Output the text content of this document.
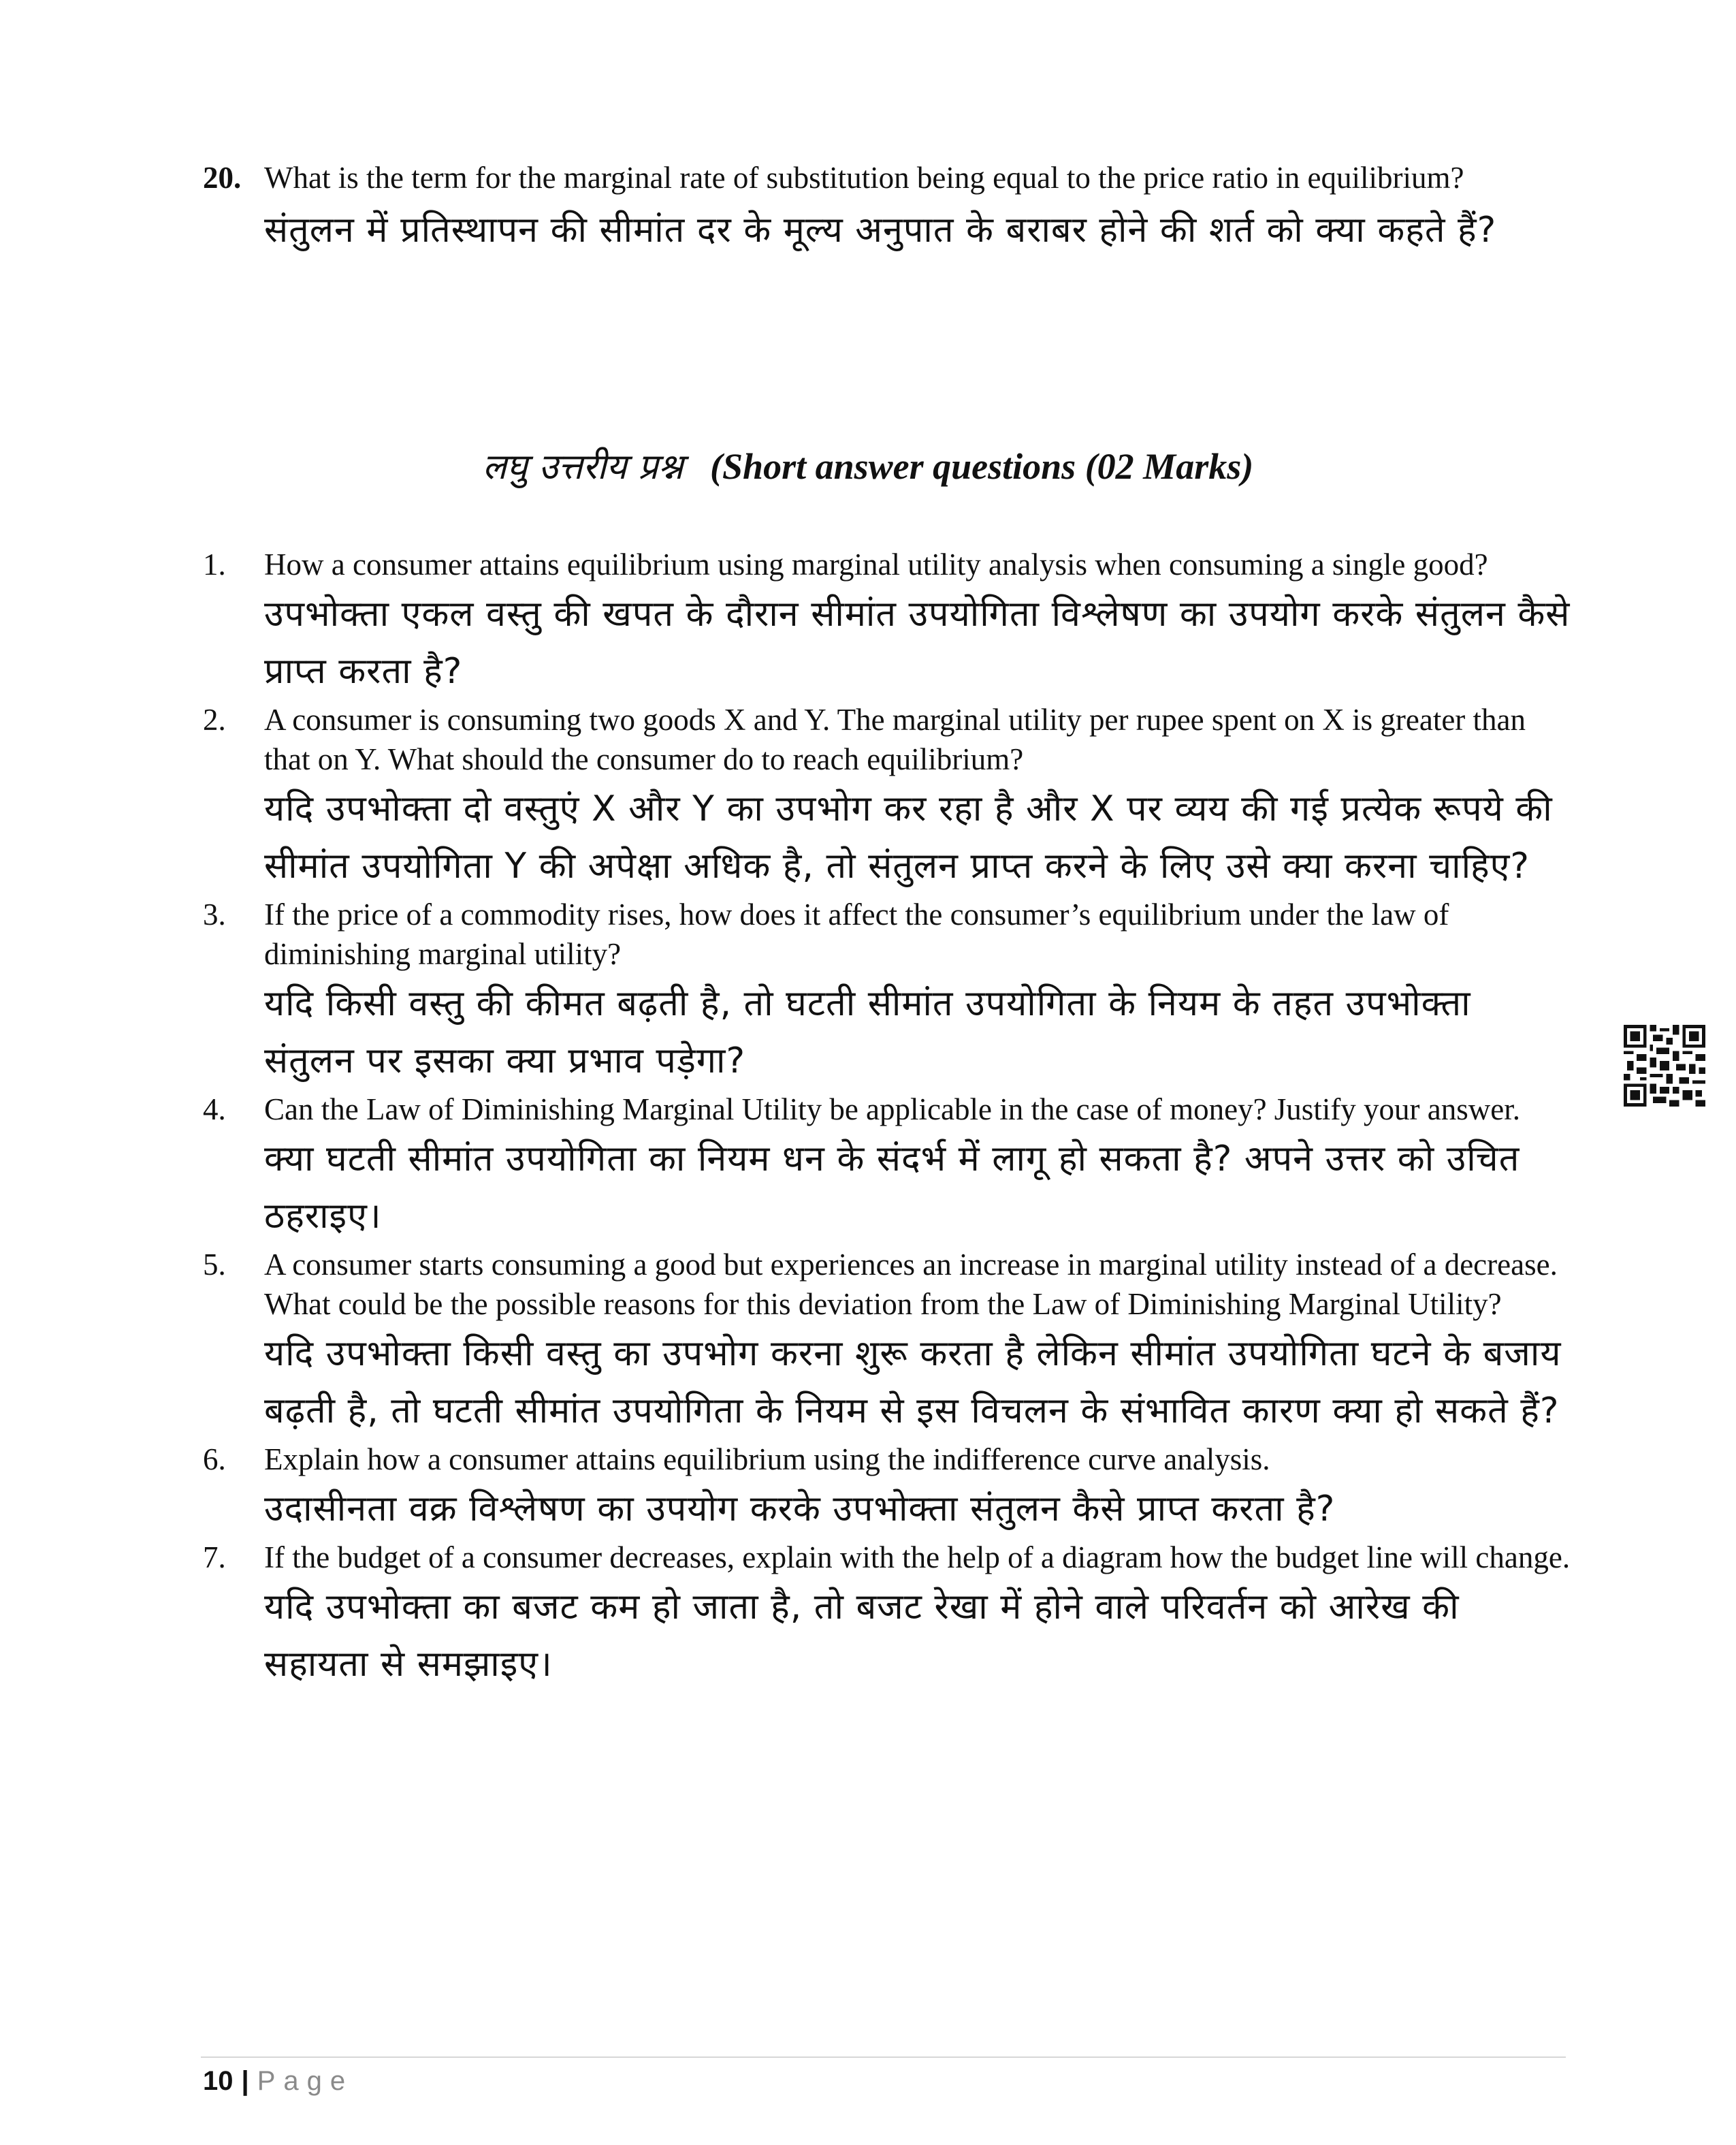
20. What is the term for the marginal rate of substitution being equal to the price ratio in equilibrium?
संतुलन में प्रतिस्थापन की सीमांत दर के मूल्य अनुपात के बराबर होने की शर्त को क्या कहते हैं?
लघु उत्तरीय प्रश्न (Short answer questions (02 Marks)
1. How a consumer attains equilibrium using marginal utility analysis when consuming a single good?
उपभोक्ता एकल वस्तु की खपत के दौरान सीमांत उपयोगिता विश्लेषण का उपयोग करके संतुलन कैसे प्राप्त करता है?
2. A consumer is consuming two goods X and Y. The marginal utility per rupee spent on X is greater than that on Y. What should the consumer do to reach equilibrium?
यदि उपभोक्ता दो वस्तुएं X और Y का उपभोग कर रहा है और X पर व्यय की गई प्रत्येक रूपये की सीमांत उपयोगिता Y की अपेक्षा अधिक है, तो संतुलन प्राप्त करने के लिए उसे क्या करना चाहिए?
3. If the price of a commodity rises, how does it affect the consumer’s equilibrium under the law of diminishing marginal utility?
यदि किसी वस्तु की कीमत बढ़ती है, तो घटती सीमांत उपयोगिता के नियम के तहत उपभोक्ता संतुलन पर इसका क्या प्रभाव पड़ेगा?
4. Can the Law of Diminishing Marginal Utility be applicable in the case of money? Justify your answer.
क्या घटती सीमांत उपयोगिता का नियम धन के संदर्भ में लागू हो सकता है? अपने उत्तर को उचित ठहराइए।
5. A consumer starts consuming a good but experiences an increase in marginal utility instead of a decrease. What could be the possible reasons for this deviation from the Law of Diminishing Marginal Utility?
यदि उपभोक्ता किसी वस्तु का उपभोग करना शुरू करता है लेकिन सीमांत उपयोगिता घटने के बजाय बढ़ती है, तो घटती सीमांत उपयोगिता के नियम से इस विचलन के संभावित कारण क्या हो सकते हैं?
6. Explain how a consumer attains equilibrium using the indifference curve analysis.
उदासीनता वक्र विश्लेषण का उपयोग करके उपभोक्ता संतुलन कैसे प्राप्त करता है?
7. If the budget of a consumer decreases, explain with the help of a diagram how the budget line will change.
यदि उपभोक्ता का बजट कम हो जाता है, तो बजट रेखा में होने वाले परिवर्तन को आरेख की सहायता से समझाइए।
10 | Page
